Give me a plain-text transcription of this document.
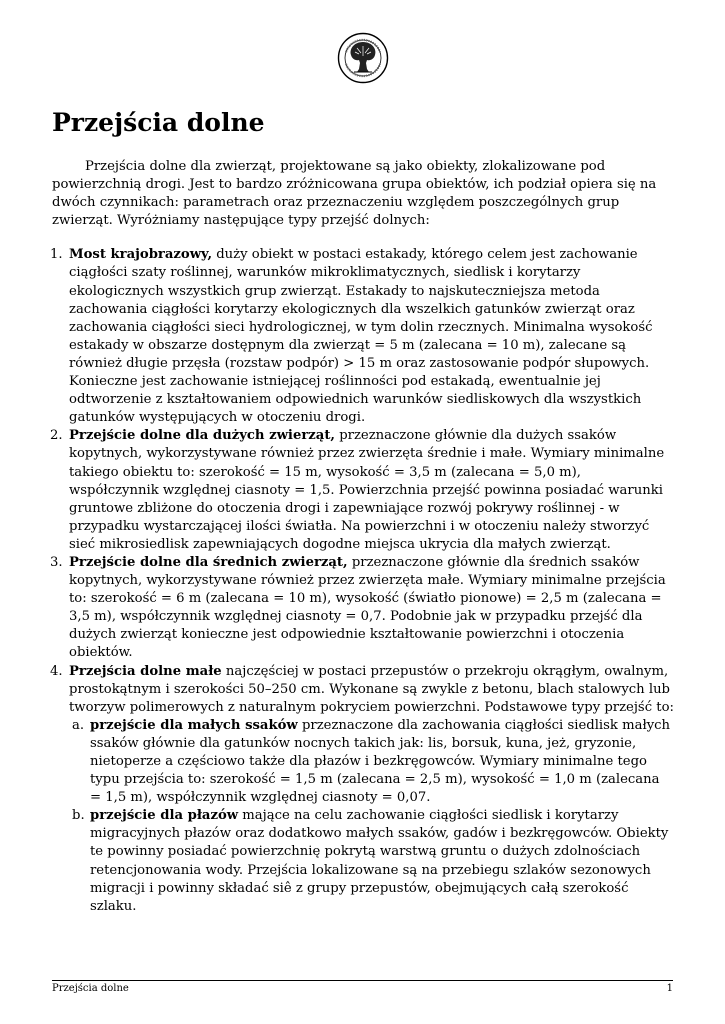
Przejścia dolne

Przejścia dolne dla zwierząt, projektowane są jako obiekty, zlokalizowane pod powierzchnią drogi. Jest to bardzo zróżnicowana grupa obiektów, ich podział opiera się na dwóch czynnikach: parametrach oraz przeznaczeniu względem poszczególnych grup zwierząt. Wyróżniamy następujące typy przejść dolnych:

1. Most krajobrazowy, duży obiekt w postaci estakady, którego celem jest zachowanie ciągłości szaty roślinnej, warunków mikroklimatycznych, siedlisk i korytarzy ekologicznych wszystkich grup zwierząt. Estakady to najskuteczniejsza metoda zachowania ciągłości korytarzy ekologicznych dla wszelkich gatunków zwierząt oraz zachowania ciągłości sieci hydrologicznej, w tym dolin rzecznych. Minimalna wysokość estakady w obszarze dostępnym dla zwierząt = 5 m (zalecana = 10 m), zalecane są również długie przęsła (rozstaw podpór) > 15 m oraz zastosowanie podpór słupowych. Konieczne jest zachowanie istniejącej roślinności pod estakadą, ewentualnie jej odtworzenie z kształtowaniem odpowiednich warunków siedliskowych dla wszystkich gatunków występujących w otoczeniu drogi.
2. Przejście dolne dla dużych zwierząt, przeznaczone głównie dla dużych ssaków kopytnych, wykorzystywane również przez zwierzęta średnie i małe. Wymiary minimalne takiego obiektu to: szerokość = 15 m, wysokość = 3,5 m (zalecana = 5,0 m), współczynnik względnej ciasnoty = 1,5. Powierzchnia przejść powinna posiadać warunki gruntowe zbliżone do otoczenia drogi i zapewniające rozwój pokrywy roślinnej - w przypadku wystarczającej ilości światła. Na powierzchni i w otoczeniu należy stworzyć sieć mikrosiedlisk zapewniających dogodne miejsca ukrycia dla małych zwierząt.
3. Przejście dolne dla średnich zwierząt, przeznaczone głównie dla średnich ssaków kopytnych, wykorzystywane również przez zwierzęta małe. Wymiary minimalne przejścia to: szerokość = 6 m (zalecana = 10 m), wysokość (światło pionowe) = 2,5 m (zalecana = 3,5 m), współczynnik względnej ciasnoty = 0,7. Podobnie jak w przypadku przejść dla dużych zwierząt konieczne jest odpowiednie kształtowanie powierzchni i otoczenia obiektów.
4. Przejścia dolne małe najczęściej w postaci przepustów o przekroju okrągłym, owalnym, prostokątnym i szerokości 50–250 cm. Wykonane są zwykle z betonu, blach stalowych lub tworzyw polimerowych z naturalnym pokryciem powierzchni. Podstawowe typy przejść to:
a. przejście dla małych ssaków przeznaczone dla zachowania ciągłości siedlisk małych ssaków głównie dla gatunków nocnych takich jak: lis, borsuk, kuna, jeż, gryzonie, nietoperze a częściowo także dla płazów i bezkręgowców. Wymiary minimalne tego typu przejścia to: szerokość = 1,5 m (zalecana = 2,5 m), wysokość = 1,0 m (zalecana = 1,5 m), współczynnik względnej ciasnoty = 0,07.
b. przejście dla płazów mające na celu zachowanie ciągłości siedlisk i korytarzy migracyjnych płazów oraz dodatkowo małych ssaków, gadów i bezkręgowców. Obiekty te powinny posiadać powierzchnię pokrytą warstwą gruntu o dużych zdolnościach retencjonowania wody. Przejścia lokalizowane są na przebiegu szlaków sezonowych migracji i powinny składać siê z grupy przepustów, obejmujących całą szerokość szlaku.
Przejścia dolne	1
